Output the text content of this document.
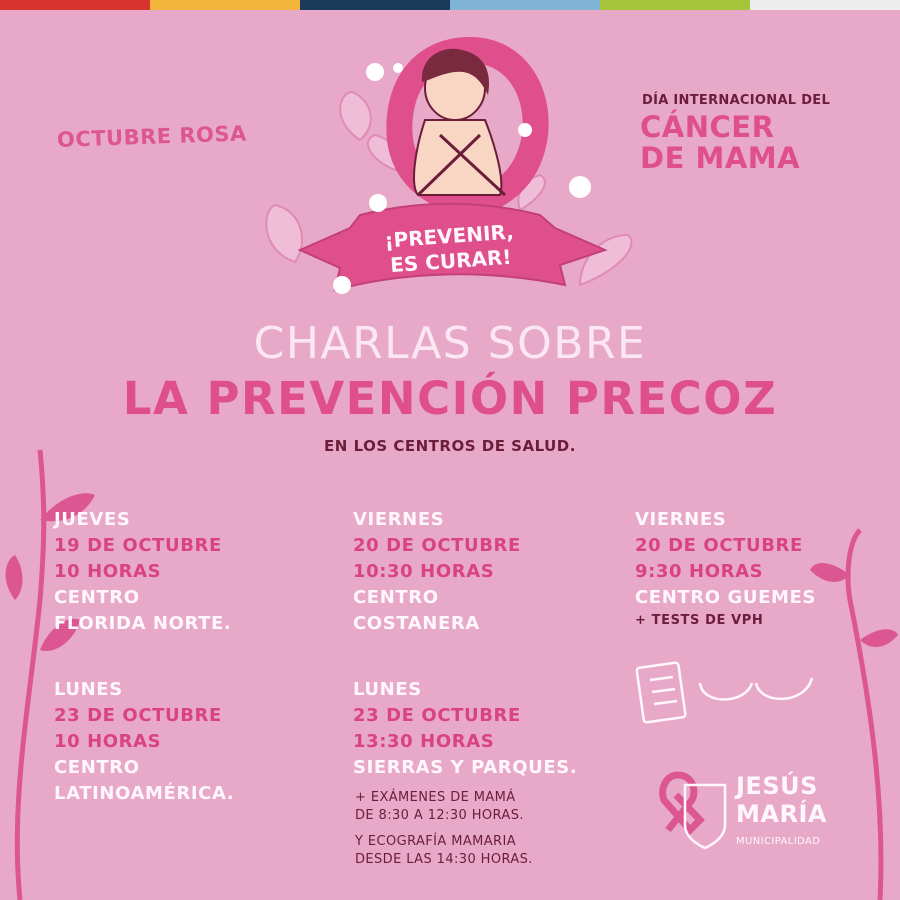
OCTUBRE ROSA
DÍA INTERNACIONAL DEL
CÁNCER
DE MAMA
¡PREVENIR,
ES CURAR!
CHARLAS SOBRE
LA PREVENCIÓN PRECOZ
EN LOS CENTROS DE SALUD.
JUEVES
19 DE OCTUBRE
10 HORAS
CENTRO
FLORIDA NORTE.
VIERNES
20 DE OCTUBRE
10:30 HORAS
CENTRO
COSTANERA
VIERNES
20 DE OCTUBRE
9:30 HORAS
CENTRO GUEMES
+ TESTS DE VPH
LUNES
23 DE OCTUBRE
10 HORAS
CENTRO
LATINOAMÉRICA.
LUNES
23 DE OCTUBRE
13:30 HORAS
SIERRAS Y PARQUES.
+ EXÁMENES DE MAMÁ
DE 8:30 A 12:30 HORAS.
Y ECOGRAFÍA MAMARIA
DESDE LAS 14:30 HORAS.
JESÚS
MARÍA
MUNICIPALIDAD
